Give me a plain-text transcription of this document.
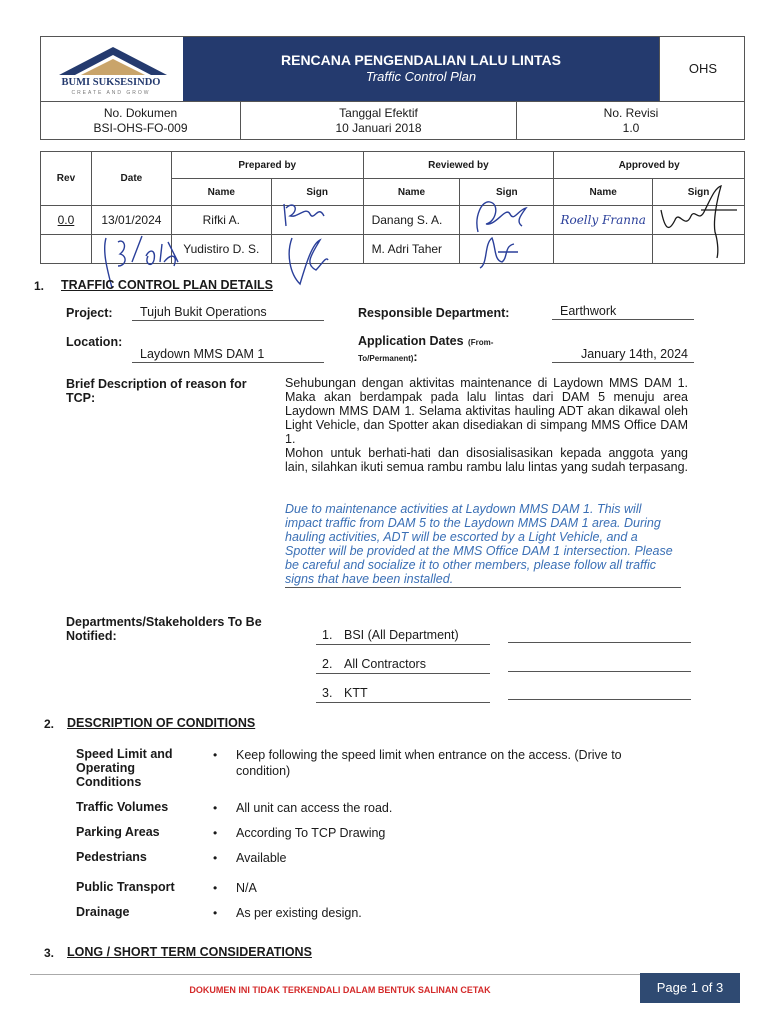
BUMI SUKSESINDO
CREATE AND GROW
RENCANA PENGENDALIAN LALU LINTAS
Traffic Control Plan
OHS
No. Dokumen
BSI-OHS-FO-009
Tanggal Efektif
10 Januari 2018
No. Revisi
1.0
Rev	Date	Prepared by		Reviewed by		Approved by	
		Name	Sign	Name	Sign	Name	Sign
0.0	13/01/2024	Rifki A.		Danang S. A.		Roelly Franna	
		Yudistiro D. S.		M. Adri Taher			
1. TRAFFIC CONTROL PLAN DETAILS
Project:	Tujuh Bukit Operations	Responsible Department:	Earthwork
Location:
Laydown MMS DAM 1
Application Dates (From-To/Permanent):	January 14th, 2024
Brief Description of reason for TCP:
Sehubungan dengan aktivitas maintenance di Laydown MMS DAM 1. Maka akan berdampak pada lalu lintas dari DAM 5 menuju area Laydown MMS DAM 1. Selama aktivitas hauling ADT akan dikawal oleh Light Vehicle, dan Spotter akan disediakan di simpang MMS Office DAM 1.
Mohon untuk berhati-hati dan disosialisasikan kepada anggota yang lain, silahkan ikuti semua rambu rambu lalu lintas yang sudah terpasang.
Due to maintenance activities at Laydown MMS DAM 1. This will impact traffic from DAM 5 to the Laydown MMS DAM 1 area. During hauling activities, ADT will be escorted by a Light Vehicle, and a Spotter will be provided at the MMS Office DAM 1 intersection. Please be careful and socialize it to other members, please follow all traffic signs that have been installed.
Departments/Stakeholders To Be Notified:	1. BSI (All Department)
2. All Contractors
3. KTT
2. DESCRIPTION OF CONDITIONS
Speed Limit and Operating Conditions
• Keep following the speed limit when entrance on the access. (Drive to condition)
Traffic Volumes	• All unit can access the road.
Parking Areas	• According To TCP Drawing
Pedestrians	• Available
Public Transport	• N/A
Drainage	• As per existing design.
3. LONG / SHORT TERM CONSIDERATIONS
DOKUMEN INI TIDAK TERKENDALI DALAM BENTUK SALINAN CETAK	Page 1 of 3
